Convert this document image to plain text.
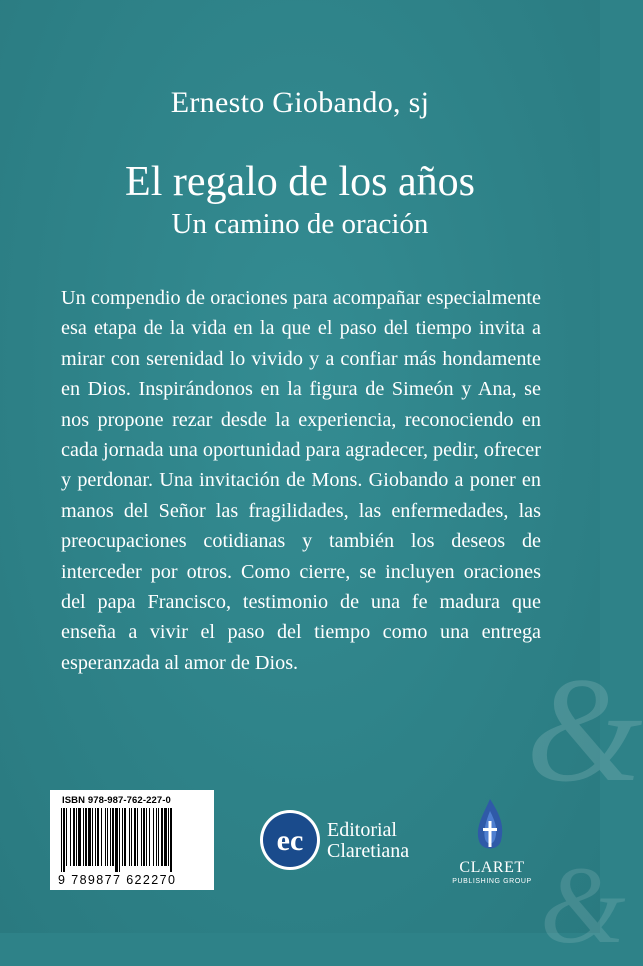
&
&
Ernesto Giobando, sj
El regalo de los años
Un camino de oración

Un compendio de oraciones para acompañar especialmente esa etapa de la vida en la que el paso del tiempo invita a mirar con serenidad lo vivido y a confiar más hondamente en Dios. Inspirándonos en la figura de Simeón y Ana, se nos propone rezar desde la experiencia, reconociendo en cada jornada una oportunidad para agradecer, pedir, ofrecer y perdonar. Una invitación de Mons. Giobando a poner en manos del Señor las fragilidades, las enfermedades, las preocupaciones cotidianas y también los deseos de interceder por otros. Como cierre, se incluyen oraciones del papa Francisco, testimonio de una fe madura que enseña a vivir el paso del tiempo como una entrega esperanzada al amor de Dios.

ISBN 978-987-762-227-0
9 789877 622270
ec Editorial
Claretiana
CLARET
PUBLISHING GROUP
